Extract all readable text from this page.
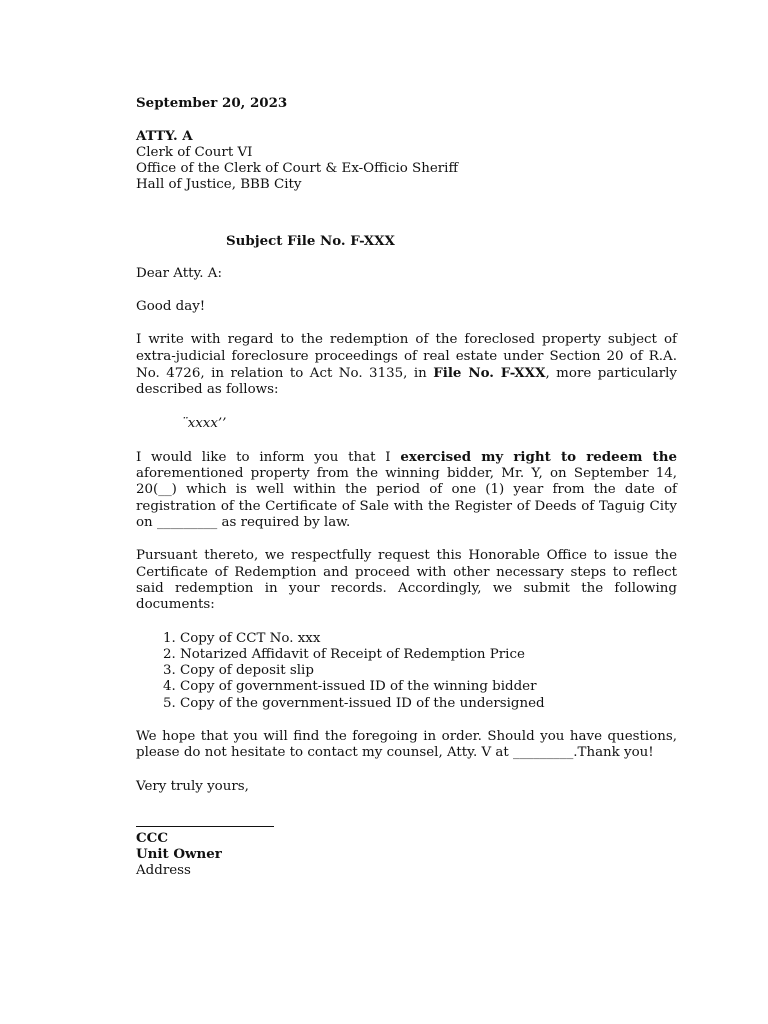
September 20, 2023
ATTY. A
Clerk of Court VI
Office of the Clerk of Court & Ex-Officio Sheriff
Hall of Justice, BBB City
Subject File No. F-XXX
Dear Atty. A:
Good day!

I write with regard to the redemption of the foreclosed property subject of extra-judicial foreclosure proceedings of real estate under Section 20 of R.A. No. 4726, in relation to Act No. 3135, in File No. F-XXX, more particularly described as follows:

¨xxxx’’

I would like to inform you that I exercised my right to redeem the aforementioned property from the winning bidder, Mr. Y, on September 14, 20(__) which is well within the period of one (1) year from the date of registration of the Certificate of Sale with the Register of Deeds of Taguig City on _________ as required by law.

Pursuant thereto, we respectfully request this Honorable Office to issue the Certificate of Redemption and proceed with other necessary steps to reflect said redemption in your records. Accordingly, we submit the following documents:

1. Copy of CCT No. xxx
2. Notarized Affidavit of Receipt of Redemption Price
3. Copy of deposit slip
4. Copy of government-issued ID of the winning bidder
5. Copy of the government-issued ID of the undersigned

We hope that you will find the foregoing in order. Should you have questions, please do not hesitate to contact my counsel, Atty. V at _________.Thank you!

Very truly yours,
CCC
Unit Owner
Address
